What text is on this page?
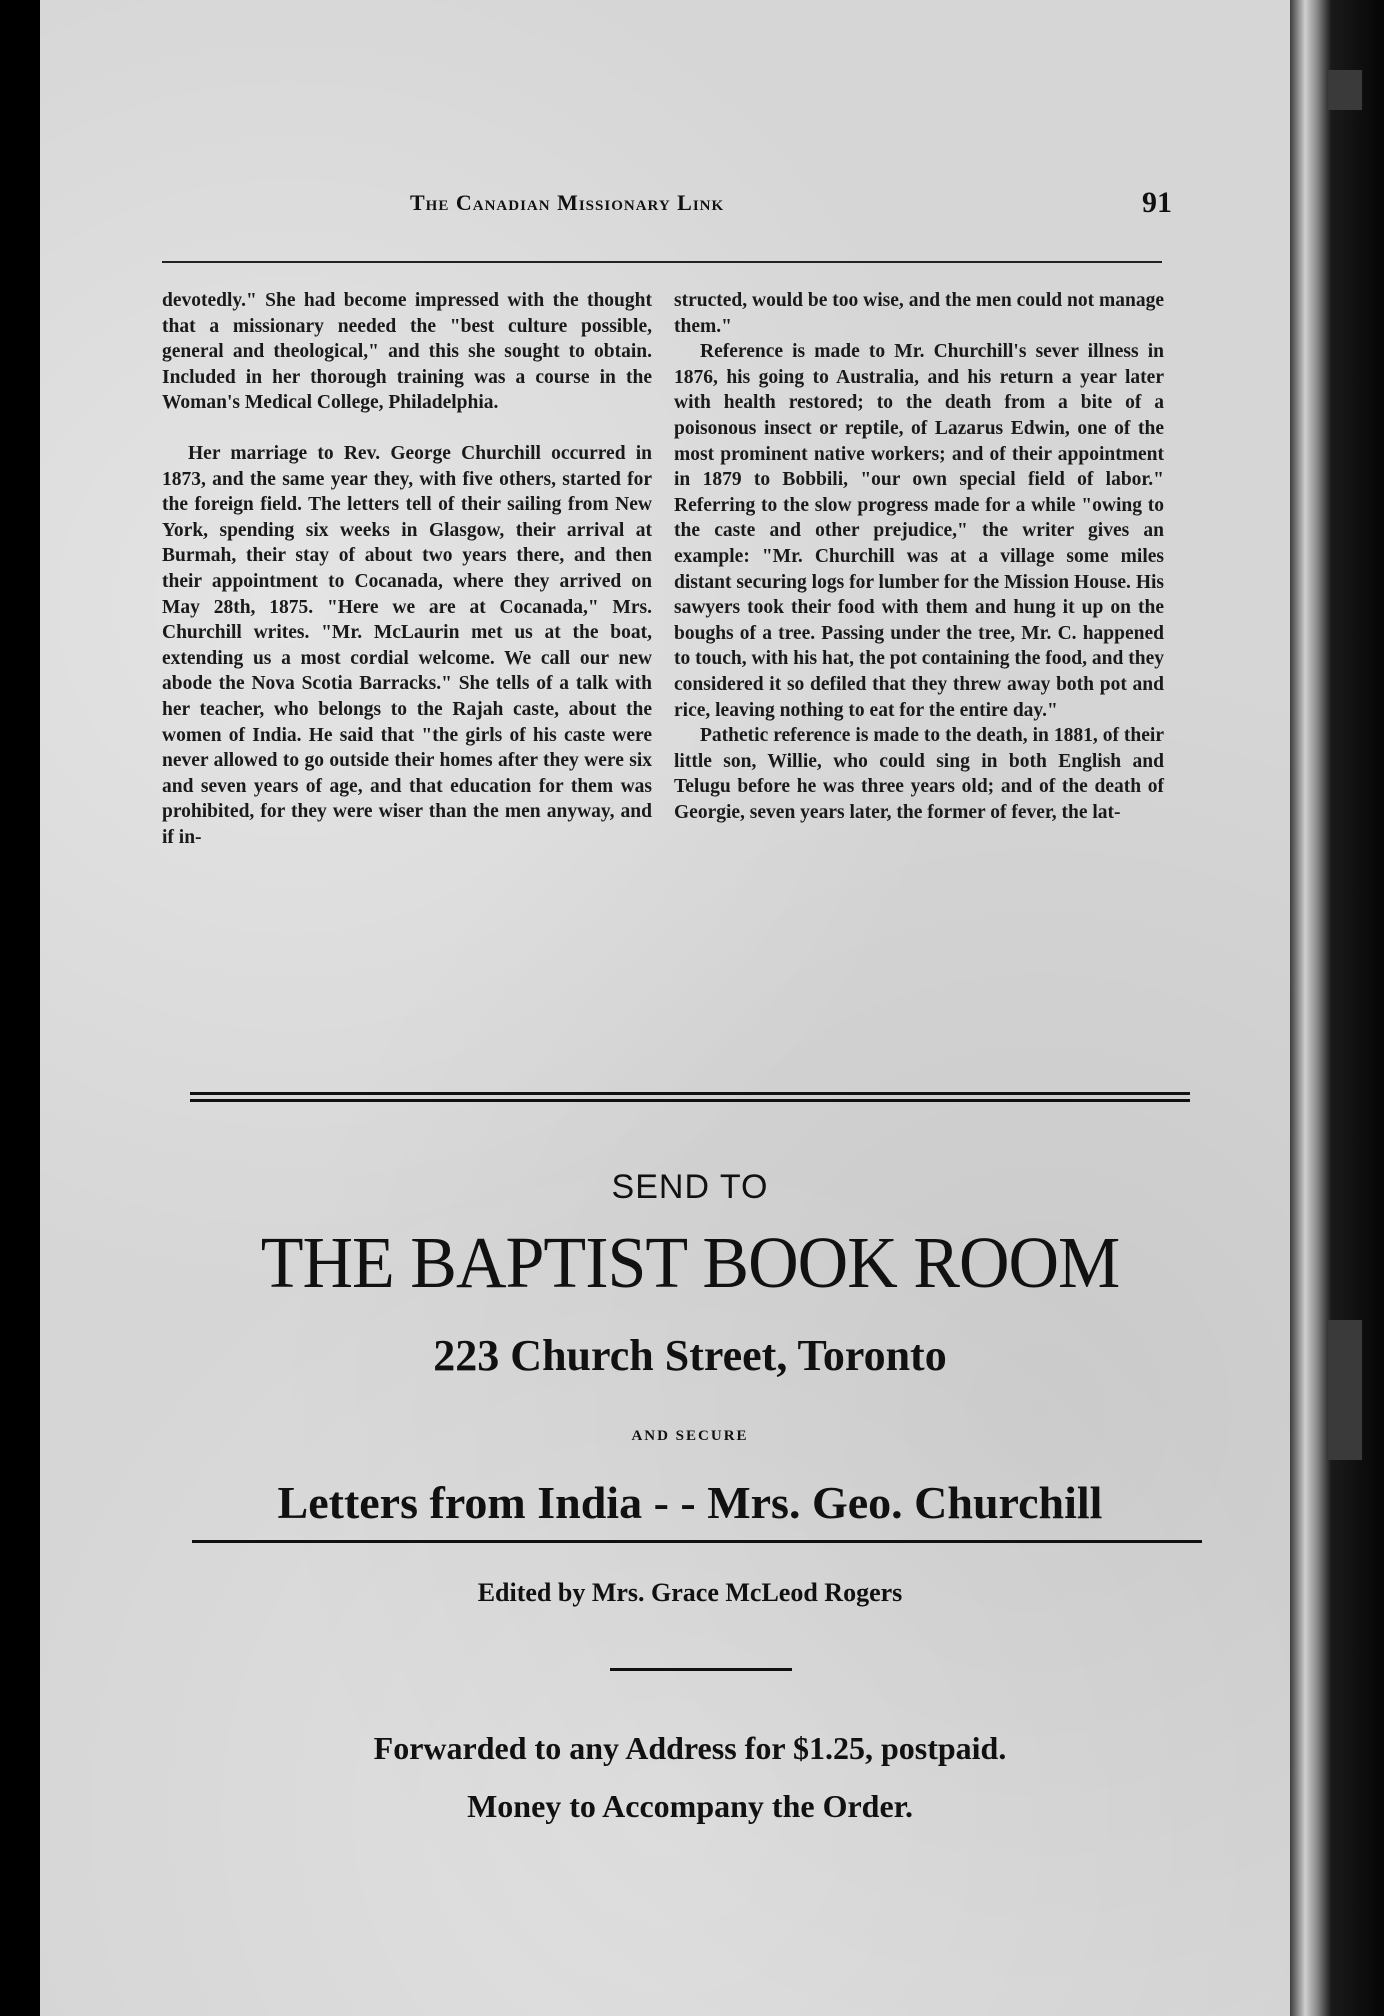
The Canadian Missionary Link	91

devotedly." She had become impressed with the thought that a missionary needed the "best culture possible, general and theological," and this she sought to obtain. Included in her thorough training was a course in the Woman's Medical College, Philadelphia.

Her marriage to Rev. George Churchill occurred in 1873, and the same year they, with five others, started for the foreign field. The letters tell of their sailing from New York, spending six weeks in Glasgow, their arrival at Burmah, their stay of about two years there, and then their appointment to Cocanada, where they arrived on May 28th, 1875. "Here we are at Cocanada," Mrs. Churchill writes. "Mr. McLaurin met us at the boat, extending us a most cordial welcome. We call our new abode the Nova Scotia Barracks." She tells of a talk with her teacher, who belongs to the Rajah caste, about the women of India. He said that "the girls of his caste were never allowed to go outside their homes after they were six and seven years of age, and that education for them was prohibited, for they were wiser than the men anyway, and if in-

structed, would be too wise, and the men could not manage them."

Reference is made to Mr. Churchill's sever illness in 1876, his going to Australia, and his return a year later with health restored; to the death from a bite of a poisonous insect or reptile, of Lazarus Edwin, one of the most prominent native workers; and of their appointment in 1879 to Bobbili, "our own special field of labor." Referring to the slow progress made for a while "owing to the caste and other prejudice," the writer gives an example: "Mr. Churchill was at a village some miles distant securing logs for lumber for the Mission House. His sawyers took their food with them and hung it up on the boughs of a tree. Passing under the tree, Mr. C. happened to touch, with his hat, the pot containing the food, and they considered it so defiled that they threw away both pot and rice, leaving nothing to eat for the entire day."

Pathetic reference is made to the death, in 1881, of their little son, Willie, who could sing in both English and Telugu before he was three years old; and of the death of Georgie, seven years later, the former of fever, the lat-

SEND TO
THE BAPTIST BOOK ROOM
223 Church Street, Toronto
AND SECURE
Letters from India - - Mrs. Geo. Churchill
Edited by Mrs. Grace McLeod Rogers
Forwarded to any Address for $1.25, postpaid.
Money to Accompany the Order.
